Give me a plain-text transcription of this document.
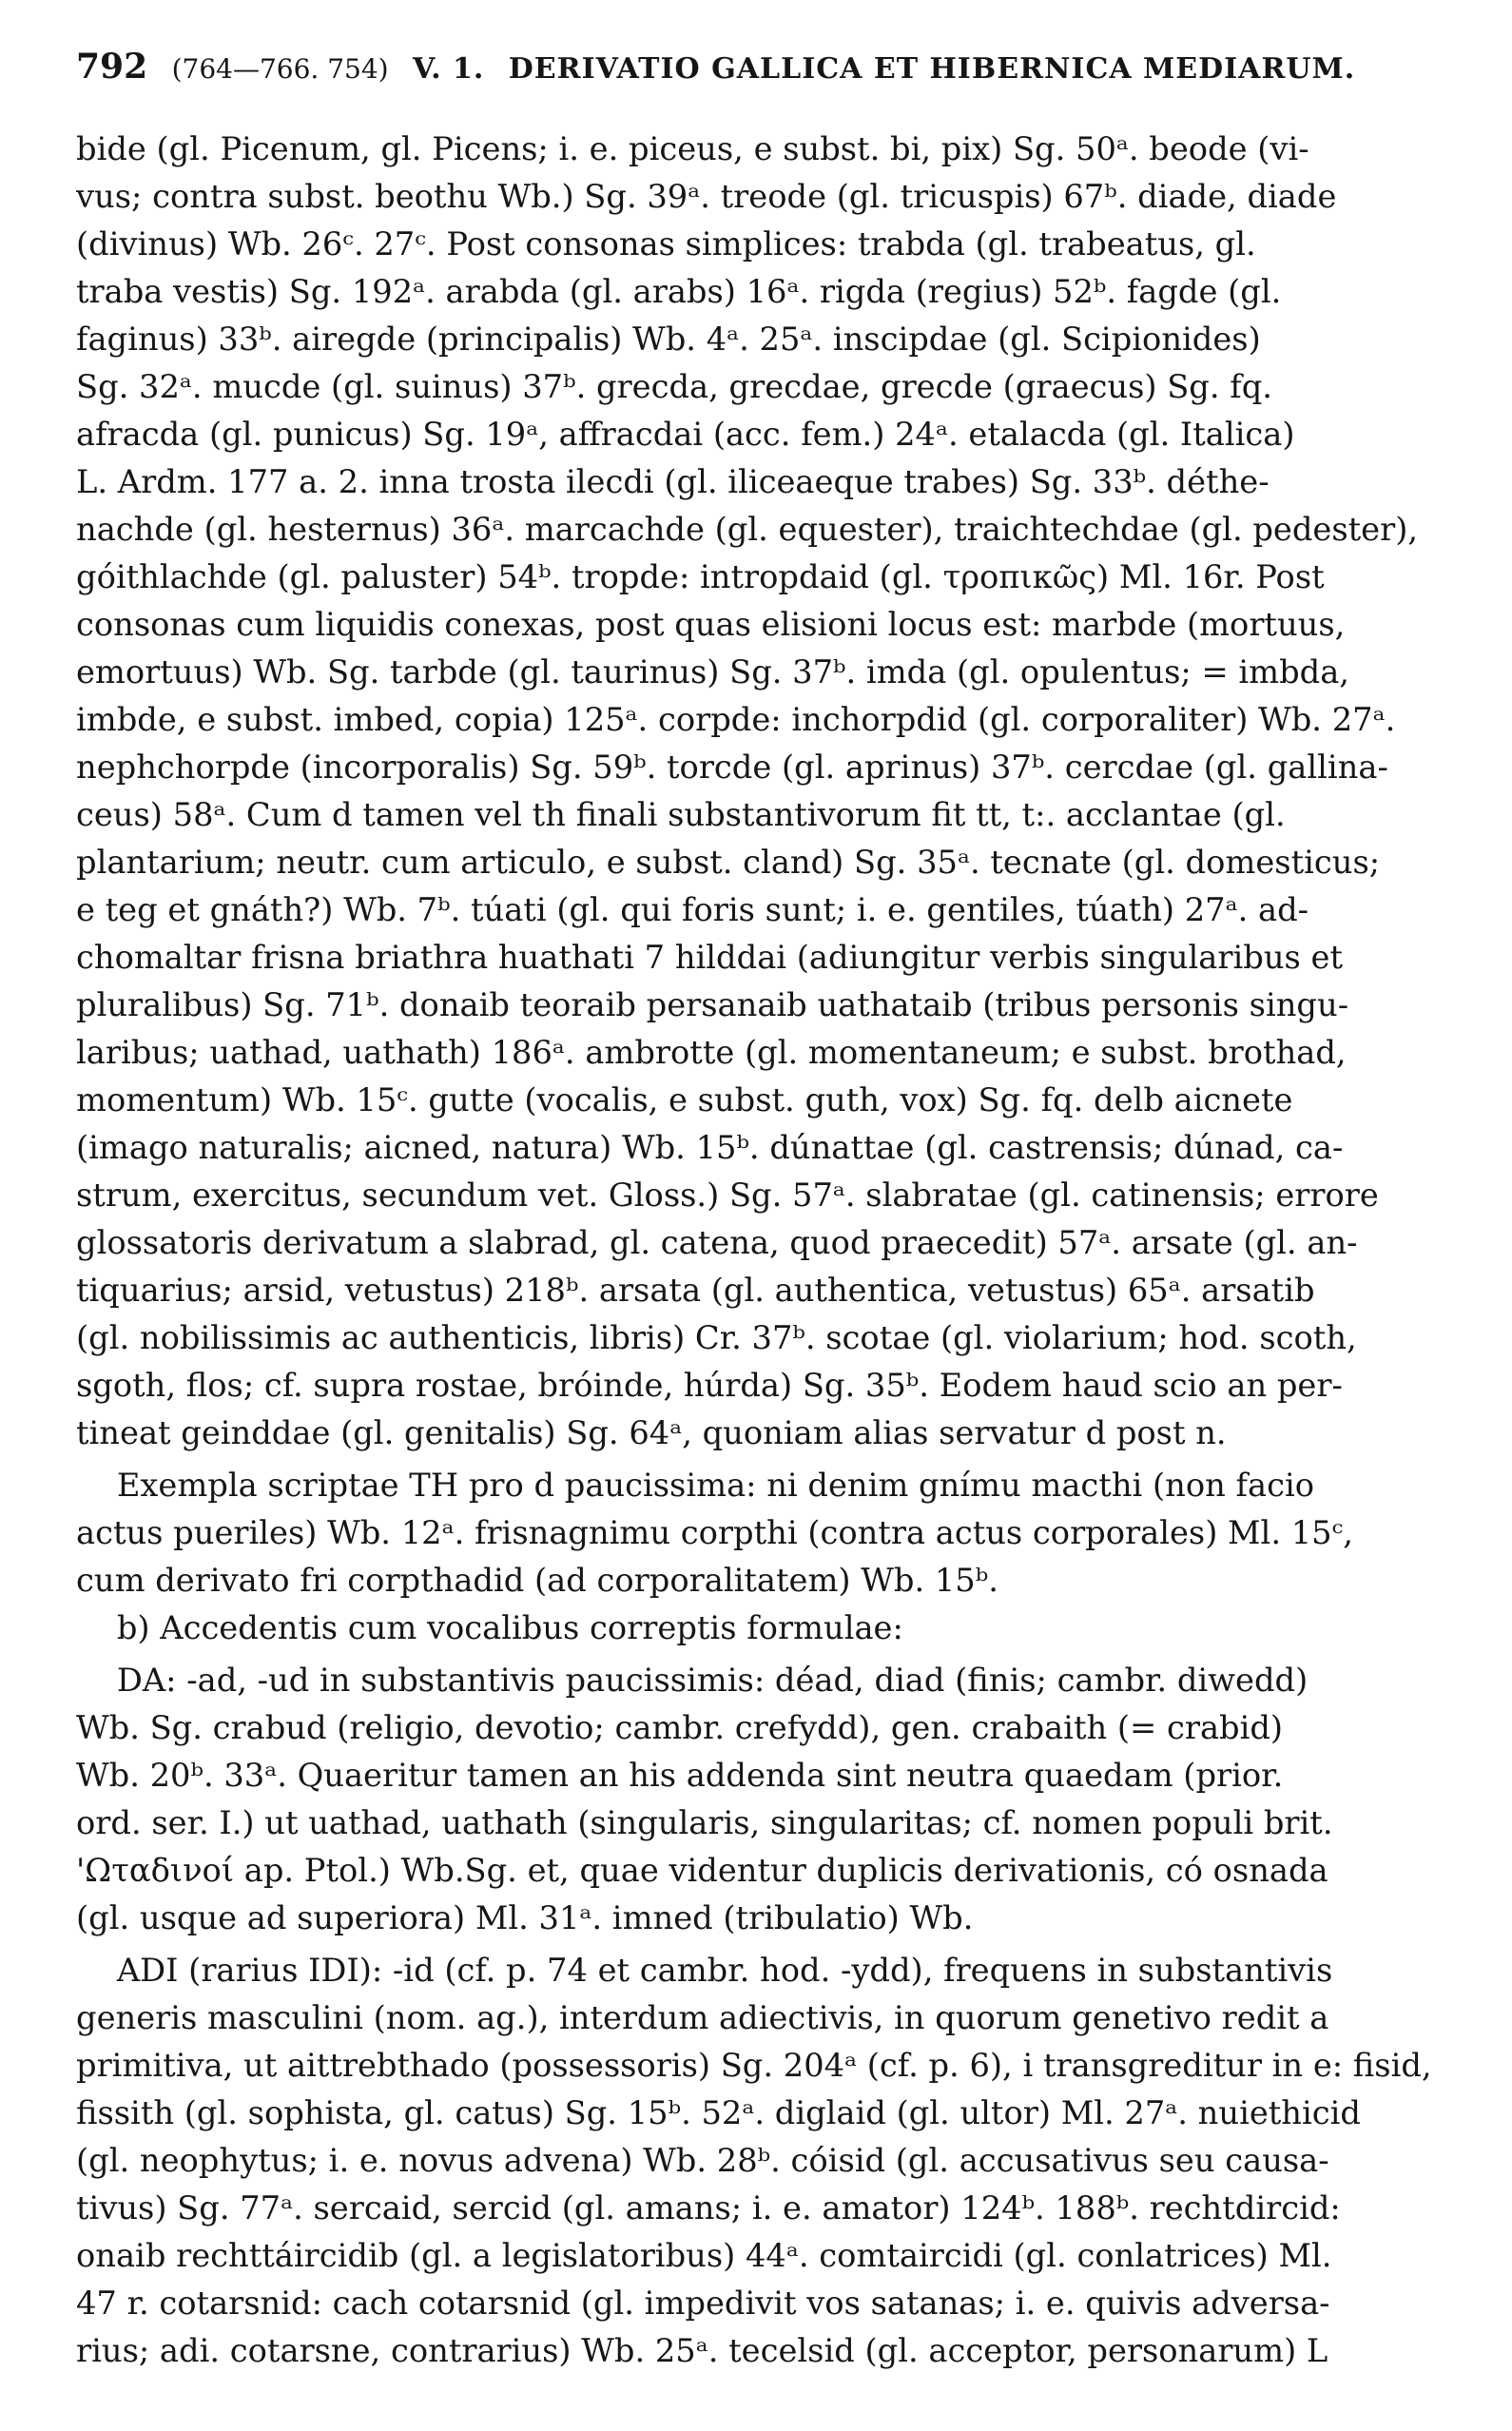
792 (764—766. 754) V. 1. DERIVATIO GALLICA ET HIBERNICA MEDIARUM.
bide (gl. Picenum, gl. Picens; i. e. piceus, e subst. bi, pix) Sg. 50ᵃ. beode (vi-
vus; contra subst. beothu Wb.) Sg. 39ᵃ. treode (gl. tricuspis) 67ᵇ. diade, diade
(divinus) Wb. 26ᶜ. 27ᶜ. Post consonas simplices: trabda (gl. trabeatus, gl.
traba vestis) Sg. 192ᵃ. arabda (gl. arabs) 16ᵃ. rigda (regius) 52ᵇ. fagde (gl.
faginus) 33ᵇ. airegde (principalis) Wb. 4ᵃ. 25ᵃ. inscipdae (gl. Scipionides)
Sg. 32ᵃ. mucde (gl. suinus) 37ᵇ. grecda, grecdae, grecde (graecus) Sg. fq.
afracda (gl. punicus) Sg. 19ᵃ, affracdai (acc. fem.) 24ᵃ. etalacda (gl. Italica)
L. Ardm. 177 a. 2. inna trosta ilecdi (gl. iliceaeque trabes) Sg. 33ᵇ. déthe-
nachde (gl. hesternus) 36ᵃ. marcachde (gl. equester), traichtechdae (gl. pedester),
góithlachde (gl. paluster) 54ᵇ. tropde: intropdaid (gl. τροπικῶς) Ml. 16r. Post
consonas cum liquidis conexas, post quas elisioni locus est: marbde (mortuus,
emortuus) Wb. Sg. tarbde (gl. taurinus) Sg. 37ᵇ. imda (gl. opulentus; = imbda,
imbde, e subst. imbed, copia) 125ᵃ. corpde: inchorpdid (gl. corporaliter) Wb. 27ᵃ.
nephchorpde (incorporalis) Sg. 59ᵇ. torcde (gl. aprinus) 37ᵇ. cercdae (gl. gallina-
ceus) 58ᵃ. Cum d tamen vel th finali substantivorum fit tt, t:. acclantae (gl.
plantarium; neutr. cum articulo, e subst. cland) Sg. 35ᵃ. tecnate (gl. domesticus;
e teg et gnáth?) Wb. 7ᵇ. túati (gl. qui foris sunt; i. e. gentiles, túath) 27ᵃ. ad-
chomaltar frisna briathra huathati 7 hilddai (adiungitur verbis singularibus et
pluralibus) Sg. 71ᵇ. donaib teoraib persanaib uathataib (tribus personis singu-
laribus; uathad, uathath) 186ᵃ. ambrotte (gl. momentaneum; e subst. brothad,
momentum) Wb. 15ᶜ. gutte (vocalis, e subst. guth, vox) Sg. fq. delb aicnete
(imago naturalis; aicned, natura) Wb. 15ᵇ. dúnattae (gl. castrensis; dúnad, ca-
strum, exercitus, secundum vet. Gloss.) Sg. 57ᵃ. slabratae (gl. catinensis; errore
glossatoris derivatum a slabrad, gl. catena, quod praecedit) 57ᵃ. arsate (gl. an-
tiquarius; arsid, vetustus) 218ᵇ. arsata (gl. authentica, vetustus) 65ᵃ. arsatib
(gl. nobilissimis ac authenticis, libris) Cr. 37ᵇ. scotae (gl. violarium; hod. scoth,
sgoth, flos; cf. supra rostae, bróinde, húrda) Sg. 35ᵇ. Eodem haud scio an per-
tineat geinddae (gl. genitalis) Sg. 64ᵃ, quoniam alias servatur d post n.
Exempla scriptae TH pro d paucissima: ni denim gnímu macthi (non facio
actus pueriles) Wb. 12ᵃ. frisnagnimu corpthi (contra actus corporales) Ml. 15ᶜ,
cum derivato fri corpthadid (ad corporalitatem) Wb. 15ᵇ.
b) Accedentis cum vocalibus correptis formulae:
DA: -ad, -ud in substantivis paucissimis: déad, diad (finis; cambr. diwedd)
Wb. Sg. crabud (religio, devotio; cambr. crefydd), gen. crabaith (= crabid)
Wb. 20ᵇ. 33ᵃ. Quaeritur tamen an his addenda sint neutra quaedam (prior.
ord. ser. I.) ut uathad, uathath (singularis, singularitas; cf. nomen populi brit.
'Ωταδινοί ap. Ptol.) Wb.Sg. et, quae videntur duplicis derivationis, có osnada
(gl. usque ad superiora) Ml. 31ᵃ. imned (tribulatio) Wb.
ADI (rarius IDI): -id (cf. p. 74 et cambr. hod. -ydd), frequens in substantivis
generis masculini (nom. ag.), interdum adiectivis, in quorum genetivo redit a
primitiva, ut aittrebthado (possessoris) Sg. 204ᵃ (cf. p. 6), i transgreditur in e: fisid,
fissith (gl. sophista, gl. catus) Sg. 15ᵇ. 52ᵃ. diglaid (gl. ultor) Ml. 27ᵃ. nuiethicid
(gl. neophytus; i. e. novus advena) Wb. 28ᵇ. cóisid (gl. accusativus seu causa-
tivus) Sg. 77ᵃ. sercaid, sercid (gl. amans; i. e. amator) 124ᵇ. 188ᵇ. rechtdircid:
onaib rechttáircidib (gl. a legislatoribus) 44ᵃ. comtaircidi (gl. conlatrices) Ml.
47 r. cotarsnid: cach cotarsnid (gl. impedivit vos satanas; i. e. quivis adversa-
rius; adi. cotarsne, contrarius) Wb. 25ᵃ. tecelsid (gl. acceptor, personarum) L
